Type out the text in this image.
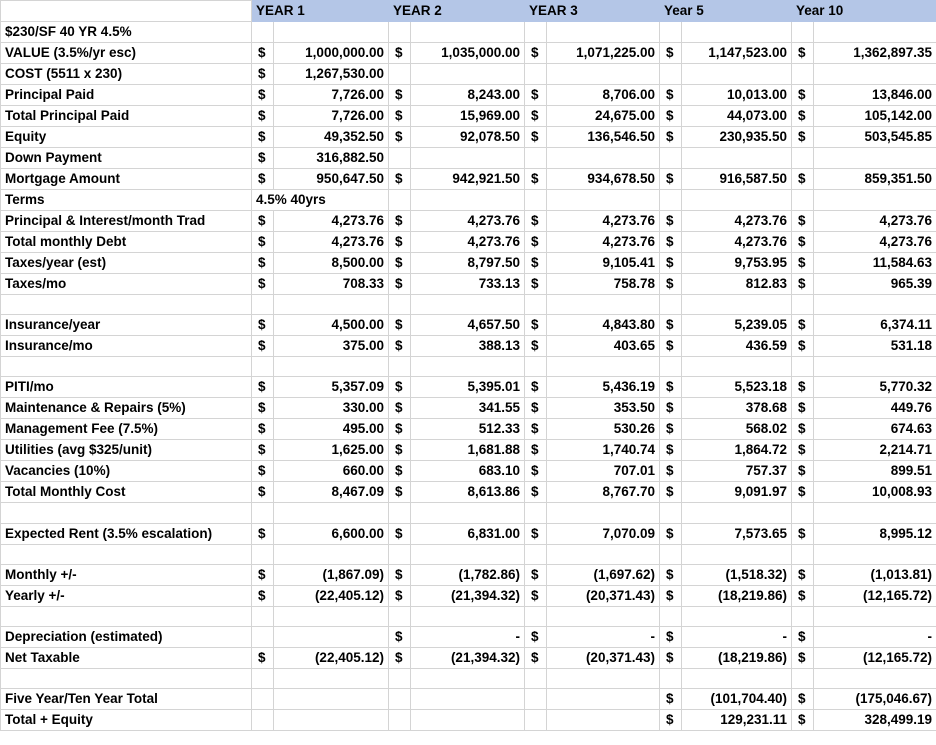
	YEAR 1		YEAR 2		YEAR 3		Year 5		Year 10	
$230/SF 40 YR 4.5%										
VALUE (3.5%/yr esc)	$	1,000,000.00	$	1,035,000.00	$	1,071,225.00	$	1,147,523.00	$	1,362,897.35
COST (5511 x 230)	$	1,267,530.00								
Principal Paid	$	7,726.00	$	8,243.00	$	8,706.00	$	10,013.00	$	13,846.00
Total Principal Paid	$	7,726.00	$	15,969.00	$	24,675.00	$	44,073.00	$	105,142.00
Equity	$	49,352.50	$	92,078.50	$	136,546.50	$	230,935.50	$	503,545.85
Down Payment	$	316,882.50								
Mortgage Amount	$	950,647.50	$	942,921.50	$	934,678.50	$	916,587.50	$	859,351.50
Terms	4.5% 40yrs									
Principal & Interest/month Trad	$	4,273.76	$	4,273.76	$	4,273.76	$	4,273.76	$	4,273.76
Total monthly Debt	$	4,273.76	$	4,273.76	$	4,273.76	$	4,273.76	$	4,273.76
Taxes/year (est)	$	8,500.00	$	8,797.50	$	9,105.41	$	9,753.95	$	11,584.63
Taxes/mo	$	708.33	$	733.13	$	758.78	$	812.83	$	965.39

Insurance/year	$	4,500.00	$	4,657.50	$	4,843.80	$	5,239.05	$	6,374.11
Insurance/mo	$	375.00	$	388.13	$	403.65	$	436.59	$	531.18

PITI/mo	$	5,357.09	$	5,395.01	$	5,436.19	$	5,523.18	$	5,770.32
Maintenance & Repairs (5%)	$	330.00	$	341.55	$	353.50	$	378.68	$	449.76
Management Fee (7.5%)	$	495.00	$	512.33	$	530.26	$	568.02	$	674.63
Utilities (avg $325/unit)	$	1,625.00	$	1,681.88	$	1,740.74	$	1,864.72	$	2,214.71
Vacancies (10%)	$	660.00	$	683.10	$	707.01	$	757.37	$	899.51
Total Monthly Cost	$	8,467.09	$	8,613.86	$	8,767.70	$	9,091.97	$	10,008.93

Expected Rent (3.5% escalation)	$	6,600.00	$	6,831.00	$	7,070.09	$	7,573.65	$	8,995.12

Monthly +/-	$	(1,867.09)	$	(1,782.86)	$	(1,697.62)	$	(1,518.32)	$	(1,013.81)
Yearly +/-	$	(22,405.12)	$	(21,394.32)	$	(20,371.43)	$	(18,219.86)	$	(12,165.72)

Depreciation (estimated)			$	-	$	-	$	-	$	-
Net Taxable	$	(22,405.12)	$	(21,394.32)	$	(20,371.43)	$	(18,219.86)	$	(12,165.72)

Five Year/Ten Year Total							$	(101,704.40)	$	(175,046.67)
Total + Equity							$	129,231.11	$	328,499.19
